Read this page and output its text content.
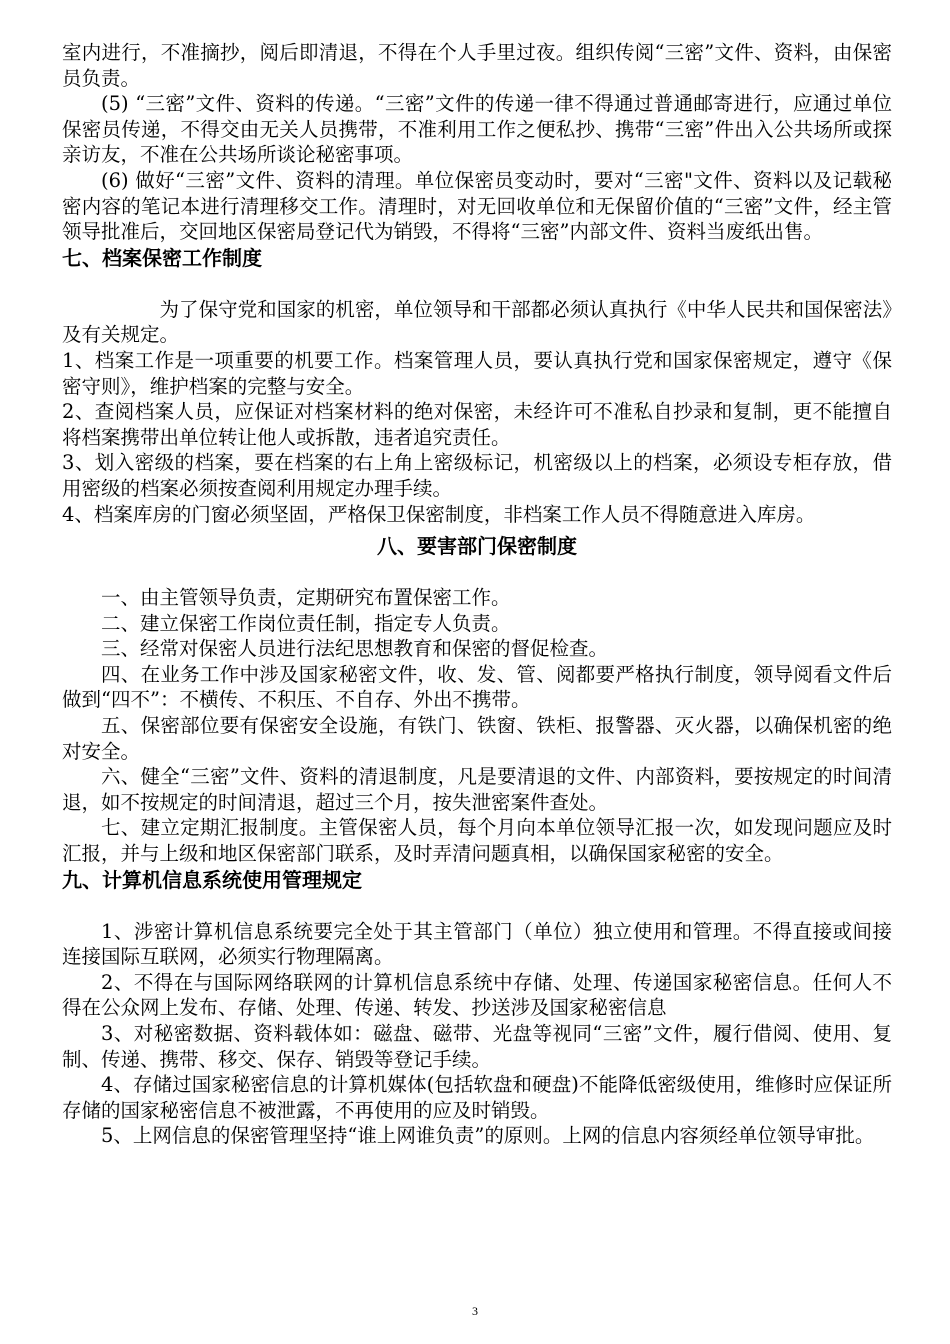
室内进行，不准摘抄，阅后即清退，不得在个人手里过夜。组织传阅“三密”文件、资料，由保密员负责。

(5) “三密”文件、资料的传递。“三密”文件的传递一律不得通过普通邮寄进行，应通过单位保密员传递，不得交由无关人员携带，不准利用工作之便私抄、携带“三密”件出入公共场所或探亲访友，不准在公共场所谈论秘密事项。

(6) 做好“三密”文件、资料的清理。单位保密员变动时，要对“三密"文件、资料以及记载秘密内容的笔记本进行清理移交工作。清理时，对无回收单位和无保留价值的“三密”文件，经主管领导批准后，交回地区保密局登记代为销毁，不得将“三密”内部文件、资料当废纸出售。

七、档案保密工作制度

为了保守党和国家的机密，单位领导和干部都必须认真执行《中华人民共和国保密法》及有关规定。

1、档案工作是一项重要的机要工作。档案管理人员，要认真执行党和国家保密规定，遵守《保密守则》，维护档案的完整与安全。

2、查阅档案人员，应保证对档案材料的绝对保密，未经许可不准私自抄录和复制，更不能擅自将档案携带出单位转让他人或拆散，违者追究责任。

3、划入密级的档案，要在档案的右上角上密级标记，机密级以上的档案，必须设专柜存放，借用密级的档案必须按查阅利用规定办理手续。

4、档案库房的门窗必须坚固，严格保卫保密制度，非档案工作人员不得随意进入库房。

八、要害部门保密制度

一、由主管领导负责，定期研究布置保密工作。

二、建立保密工作岗位责任制，指定专人负责。

三、经常对保密人员进行法纪思想教育和保密的督促检查。

四、在业务工作中涉及国家秘密文件，收、发、管、阅都要严格执行制度，领导阅看文件后做到“四不”：不横传、不积压、不自存、外出不携带。

五、保密部位要有保密安全设施，有铁门、铁窗、铁柜、报警器、灭火器，以确保机密的绝对安全。

六、健全“三密”文件、资料的清退制度，凡是要清退的文件、内部资料，要按规定的时间清退，如不按规定的时间清退，超过三个月，按失泄密案件查处。

七、建立定期汇报制度。主管保密人员，每个月向本单位领导汇报一次，如发现问题应及时汇报，并与上级和地区保密部门联系，及时弄清问题真相，以确保国家秘密的安全。

九、计算机信息系统使用管理规定

1、涉密计算机信息系统要完全处于其主管部门（单位）独立使用和管理。不得直接或间接连接国际互联网，必须实行物理隔离。

2、不得在与国际网络联网的计算机信息系统中存储、处理、传递国家秘密信息。任何人不得在公众网上发布、存储、处理、传递、转发、抄送涉及国家秘密信息

3、对秘密数据、资料载体如：磁盘、磁带、光盘等视同“三密”文件，履行借阅、使用、复制、传递、携带、移交、保存、销毁等登记手续。

4、存储过国家秘密信息的计算机媒体(包括软盘和硬盘)不能降低密级使用，维修时应保证所存储的国家秘密信息不被泄露，不再使用的应及时销毁。

5、上网信息的保密管理坚持“谁上网谁负责”的原则。上网的信息内容须经单位领导审批。

3
